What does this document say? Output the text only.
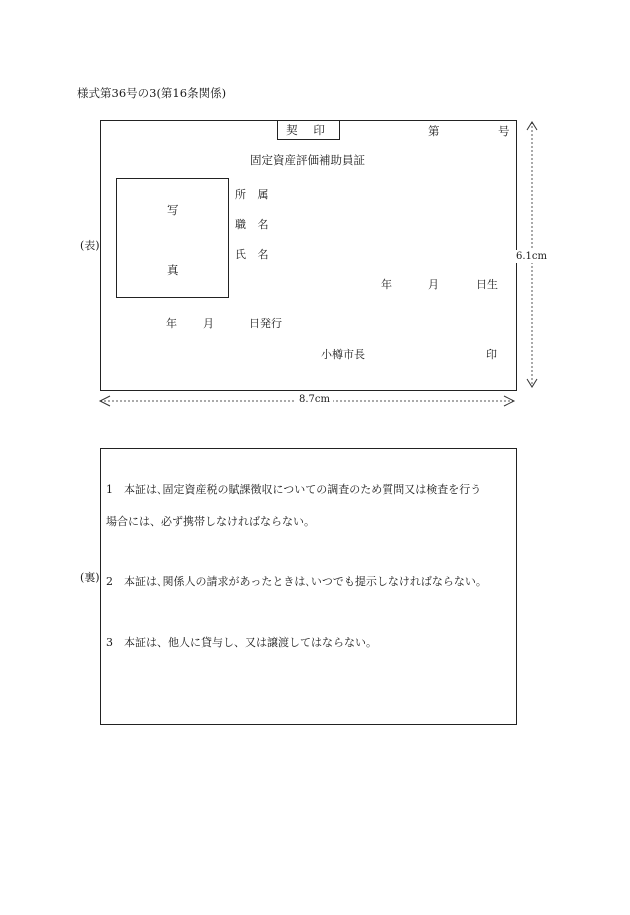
様式第36号の3(第16条関係)
(表)
契 印	第	号
固定資産評価補助員証
写
真
所 属
職 名
氏 名
年	月	日生
年 月	日発行
小樽市長	印
6.1cm
8.7cm
(裏)
1　本証は､固定資産税の賦課徴収についての調査のため質問又は検査を行う
場合には、必ず携帯しなければならない。
2　本証は､関係人の請求があったときは､いつでも提示しなければならない。
3　本証は、他人に貸与し、又は譲渡してはならない。
